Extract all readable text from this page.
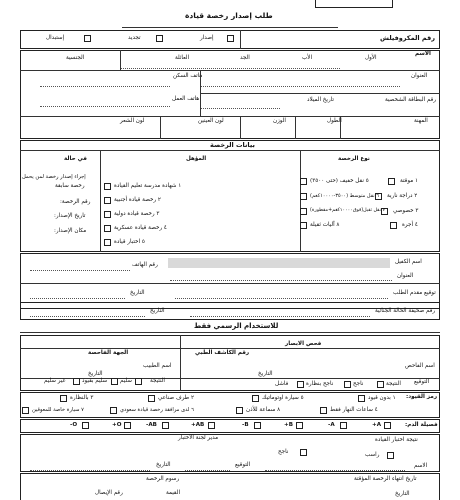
طلب إصدار رخصة قيادة
رقم المكروفيلش
إصدار
تجديد
إستبدال
الاسم
الأول
الأب
الجد
العائلة
الجنسية
العنوان
هاتف السكن
هاتف العمل	رقم البطاقة الشخصية
تاريخ الميلاد
المهنة
الطول
الوزن
لون العينين
لون الشعر
بيانات الرخصة
نوع الرخصة
١ موقتة
٢ دراجة نارية
٣ خصوصي
٤ أجرة
٥ نقل خفيف (حتى ٣٥٠٠)
٦ نقل متوسط (٣٥٠٠-١٠٠٠٠كغم)
٧ نقل ثقيل(فوق١٠٠٠٠كغم+مقطورة)
٨ آليات ثقيلة
المؤهل
١ شهادة مدرسة تعليم القيادة
٢ رخصة قيادة أجنبية
٣ رخصة قيادة دولية
٤ رخصة قيادة عسكرية
٥ اختبار قيادة
في حالة
إجراء إصدار رخصة لمن يحمل
رخصة سابقة
رقم الرخصة:
تاريخ الإصدار:
مكان الإصدار:
اسم الكفيل
العنوان
رقم الهاتف
توقيع مقدم الطلب
التاريخ
رقم صحيفة الحالة الجنائية
التاريخ
للاستخدام الرسمي فقط
فحص الابصار
رقم الكاشف الطبي
الجهة الفاحصة
اسم الفاحص
اسم الطبيب
التاريخ
التاريخ
النتيجة
ناجح
ناجح بنظارة
فاشل
النتيجة
سليم
سليم بقيود
غير سليم	التوقيع
رمز القيود:
١ بدون قيود
٥ سيارة اوتوماتيك
٢ طرف صناعي
٣ بالنظارة
٤ ساعات النهار فقط
٨ سماعة للأذن
٦ لدى مرافقة رخصة قيادة سعودي
٧ سيارة خاصة للمعوقين
فصيلة الدم:
A+
A-
B+
B-
AB+
AB-
O+
O-
نتيجة اختبار القيادة
مدير لجنة الاختبار
ناجح	راسب
الاسم
التوقيع
التاريخ
تاريخ انتهاء الرخصة المؤقتة
رسوم الرخصة
رقم الإيصال	القيمة	التاريخ
